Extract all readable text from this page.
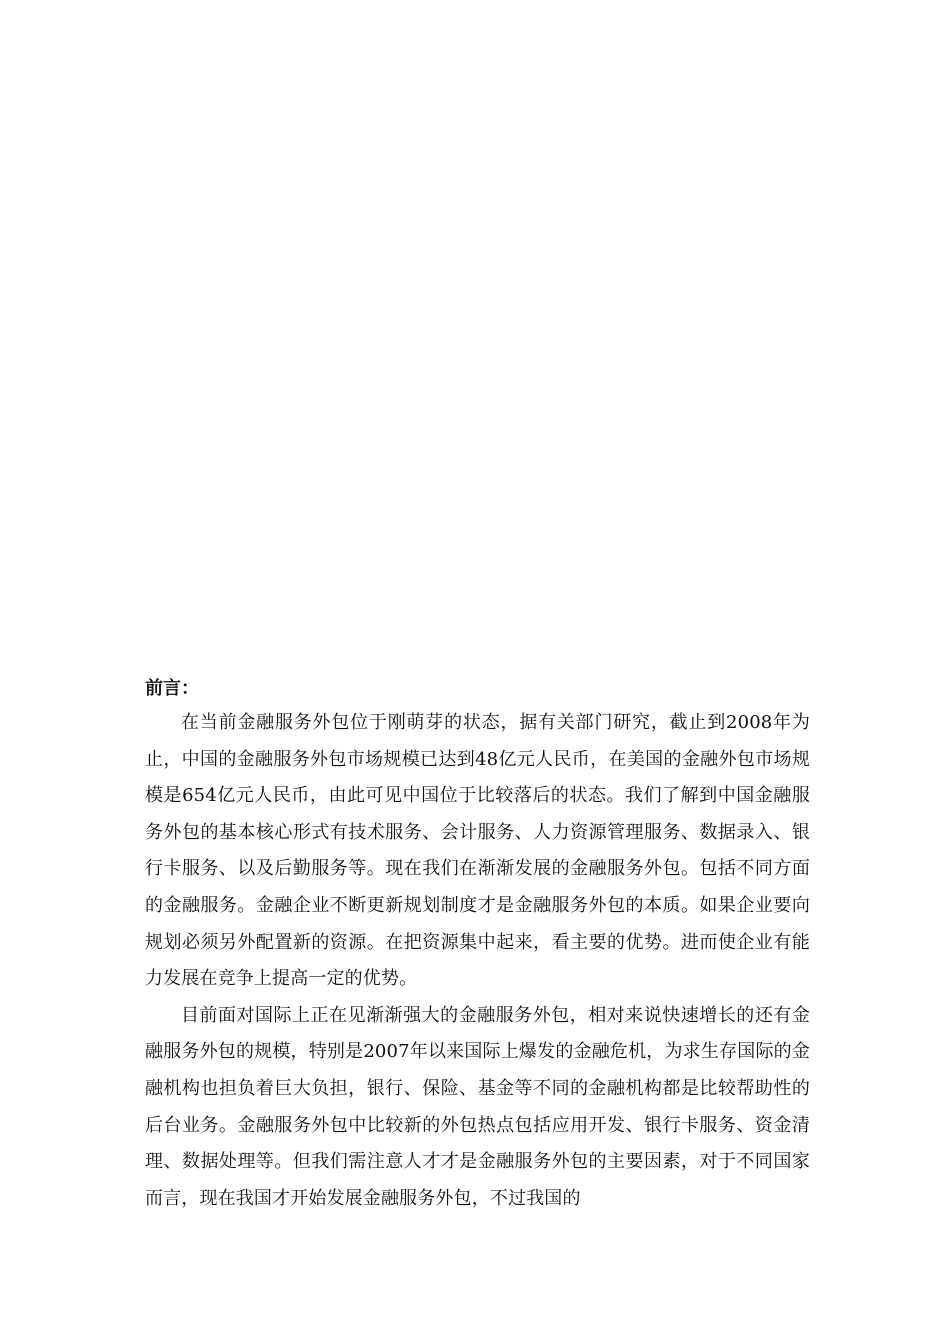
前言：

在当前金融服务外包位于刚萌芽的状态，据有关部门研究，截止到2008年为止，中国的金融服务外包市场规模已达到48亿元人民币，在美国的金融外包市场规模是654亿元人民币，由此可见中国位于比较落后的状态。我们了解到中国金融服务外包的基本核心形式有技术服务、会计服务、人力资源管理服务、数据录入、银行卡服务、以及后勤服务等。现在我们在渐渐发展的金融服务外包。包括不同方面的金融服务。金融企业不断更新规划制度才是金融服务外包的本质。如果企业要向规划必须另外配置新的资源。在把资源集中起来，看主要的优势。进而使企业有能力发展在竞争上提高一定的优势。

目前面对国际上正在见渐渐强大的金融服务外包，相对来说快速增长的还有金融服务外包的规模，特别是2007年以来国际上爆发的金融危机，为求生存国际的金融机构也担负着巨大负担，银行、保险、基金等不同的金融机构都是比较帮助性的后台业务。金融服务外包中比较新的外包热点包括应用开发、银行卡服务、资金清理、数据处理等。但我们需注意人才才是金融服务外包的主要因素，对于不同国家而言，现在我国才开始发展金融服务外包，不过我国的
